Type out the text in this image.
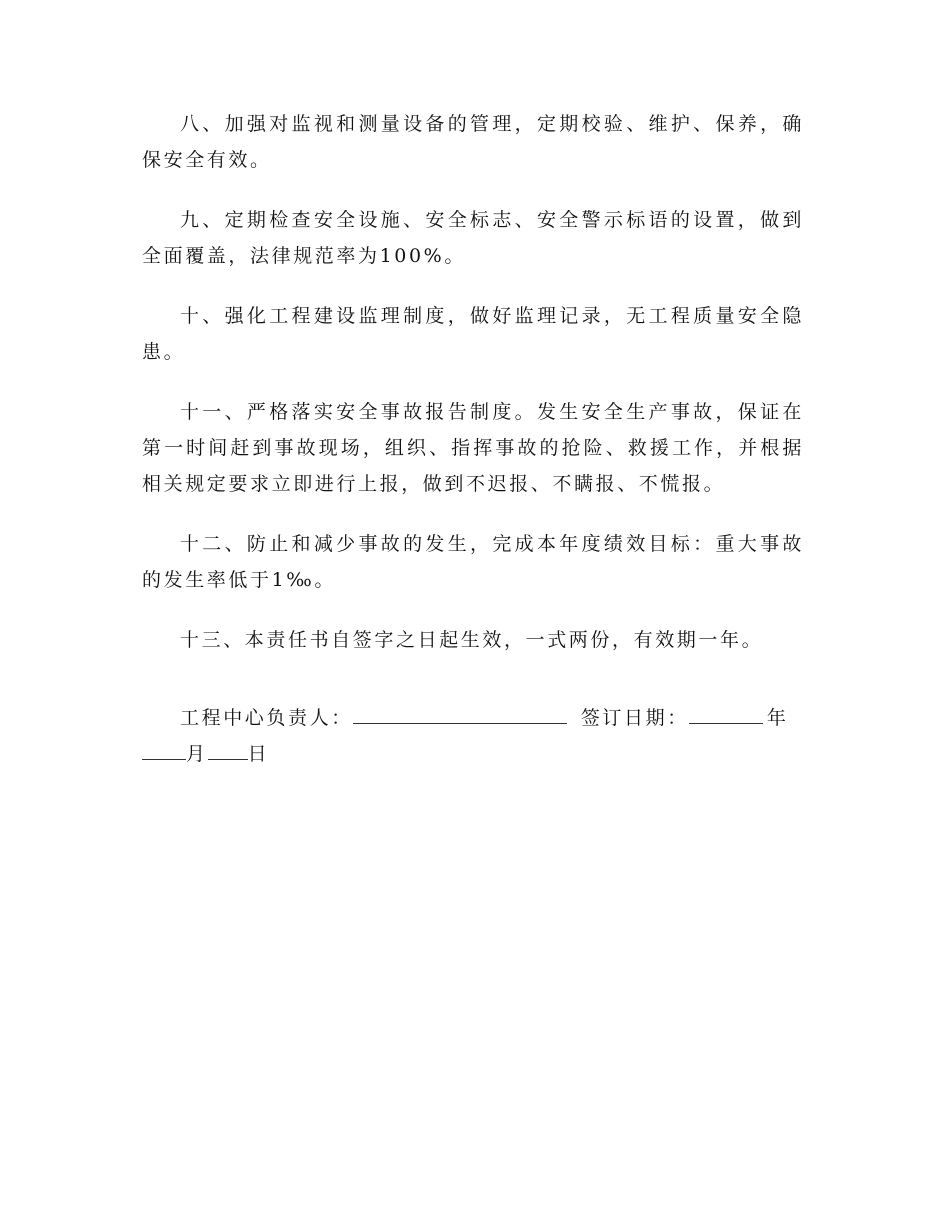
八、加强对监视和测量设备的管理，定期校验、维护、保养，确保安全有效。

九、定期检查安全设施、安全标志、安全警示标语的设置，做到全面覆盖，法律规范率为100%。

十、强化工程建设监理制度，做好监理记录，无工程质量安全隐患。

十一、严格落实安全事故报告制度。发生安全生产事故，保证在第一时间赶到事故现场，组织、指挥事故的抢险、救援工作，并根据相关规定要求立即进行上报，做到不迟报、不瞒报、不慌报。

十二、防止和减少事故的发生，完成本年度绩效目标：重大事故的发生率低于1‰。

十三、本责任书自签字之日起生效，一式两份，有效期一年。

工程中心负责人：	签订日期：	年月 日
